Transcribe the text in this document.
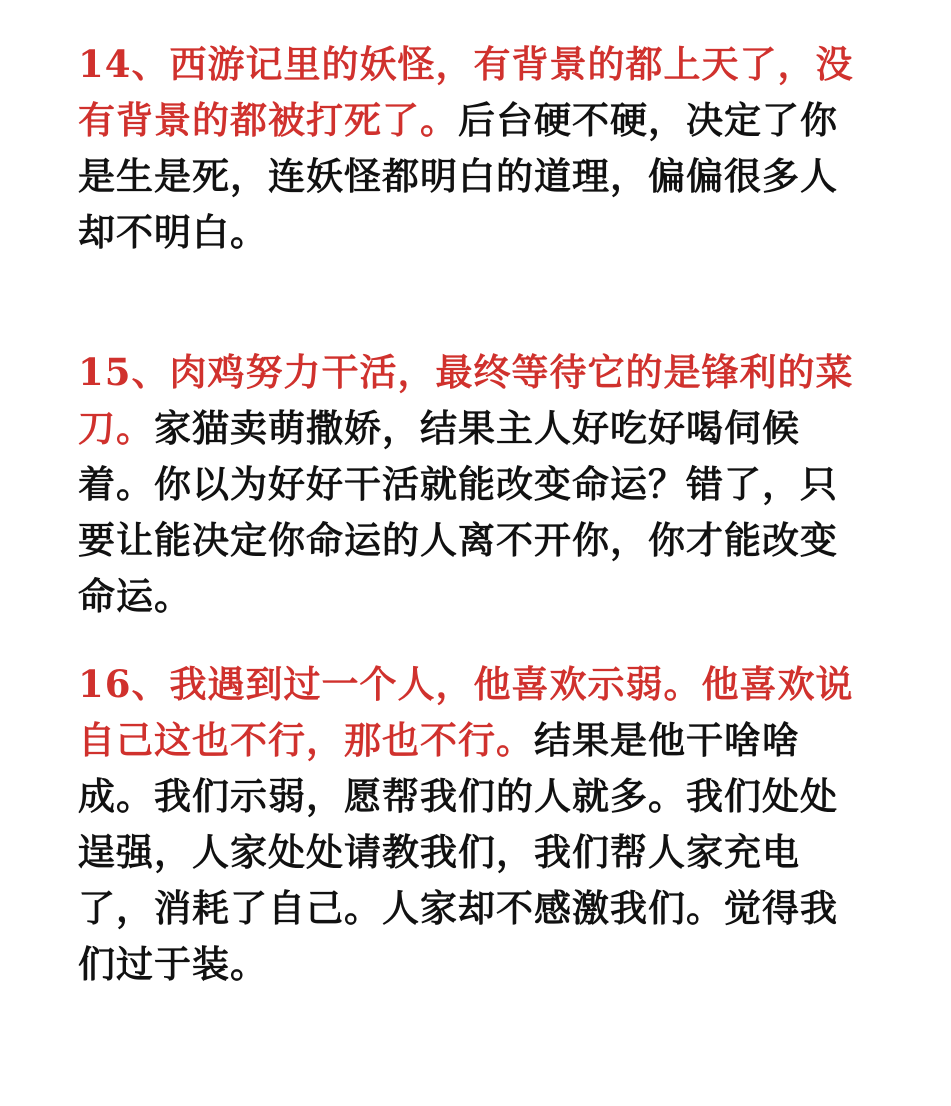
14、西游记里的妖怪，有背景的都上天了，没有背景的都被打死了。后台硬不硬，决定了你是生是死，连妖怪都明白的道理，偏偏很多人却不明白。

15、肉鸡努力干活，最终等待它的是锋利的菜刀。家猫卖萌撒娇，结果主人好吃好喝伺候着。你以为好好干活就能改变命运？错了，只要让能决定你命运的人离不开你，你才能改变命运。

16、我遇到过一个人，他喜欢示弱。他喜欢说自己这也不行，那也不行。结果是他干啥啥成。我们示弱，愿帮我们的人就多。我们处处逞强，人家处处请教我们，我们帮人家充电了，消耗了自己。人家却不感激我们。觉得我们过于装。
